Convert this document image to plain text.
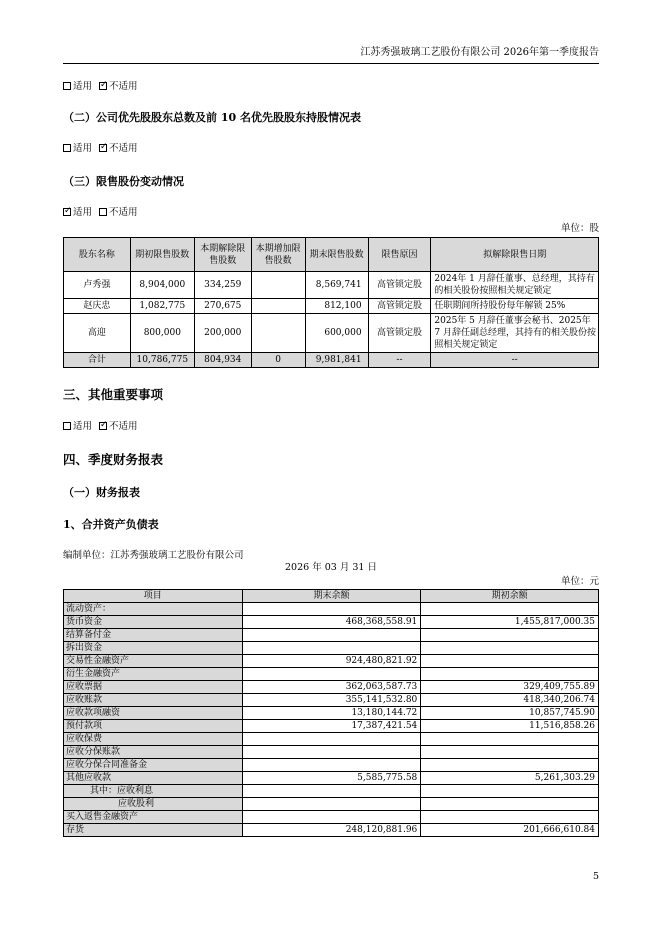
江苏秀强玻璃工艺股份有限公司 2026年第一季度报告
适用 ✓ 不适用
（二）公司优先股股东总数及前 10 名优先股股东持股情况表
适用 ✓ 不适用
（三）限售股份变动情况
✓适用 不适用
单位：股
股东名称	期初限售股数	本期解除限售股数	本期增加限售股数	期末限售股数	限售原因	拟解除限售日期
卢秀强	8,904,000	334,259		8,569,741	高管锁定股	2024年 1 月辞任董事、总经理，其持有的相关股份按照相关规定锁定
赵庆忠	1,082,775	270,675		812,100	高管锁定股	任职期间所持股份每年解锁 25%
高迎	800,000	200,000		600,000	高管锁定股	2025年 5 月辞任董事会秘书、2025年 7 月辞任副总经理，其持有的相关股份按照相关规定锁定
合计	10,786,775	804,934	0	9,981,841	--	--
三、其他重要事项
适用 ✓ 不适用
四、季度财务报表
（一）财务报表
1、合并资产负债表
编制单位：江苏秀强玻璃工艺股份有限公司
2026 年 03 月 31 日
单位：元
项目	期末余额	期初余额
流动资产：		
货币资金	468,368,558.91	1,455,817,000.35
结算备付金		
拆出资金		
交易性金融资产	924,480,821.92	
衍生金融资产		
应收票据	362,063,587.73	329,409,755.89
应收账款	355,141,532.80	418,340,206.74
应收款项融资	13,180,144.72	10,857,745.90
预付款项	17,387,421.54	11,516,858.26
应收保费		
应收分保账款		
应收分保合同准备金		
其他应收款	5,585,775.58	5,261,303.29
其中：应收利息		
应收股利		
买入返售金融资产		
存货	248,120,881.96	201,666,610.84
5
